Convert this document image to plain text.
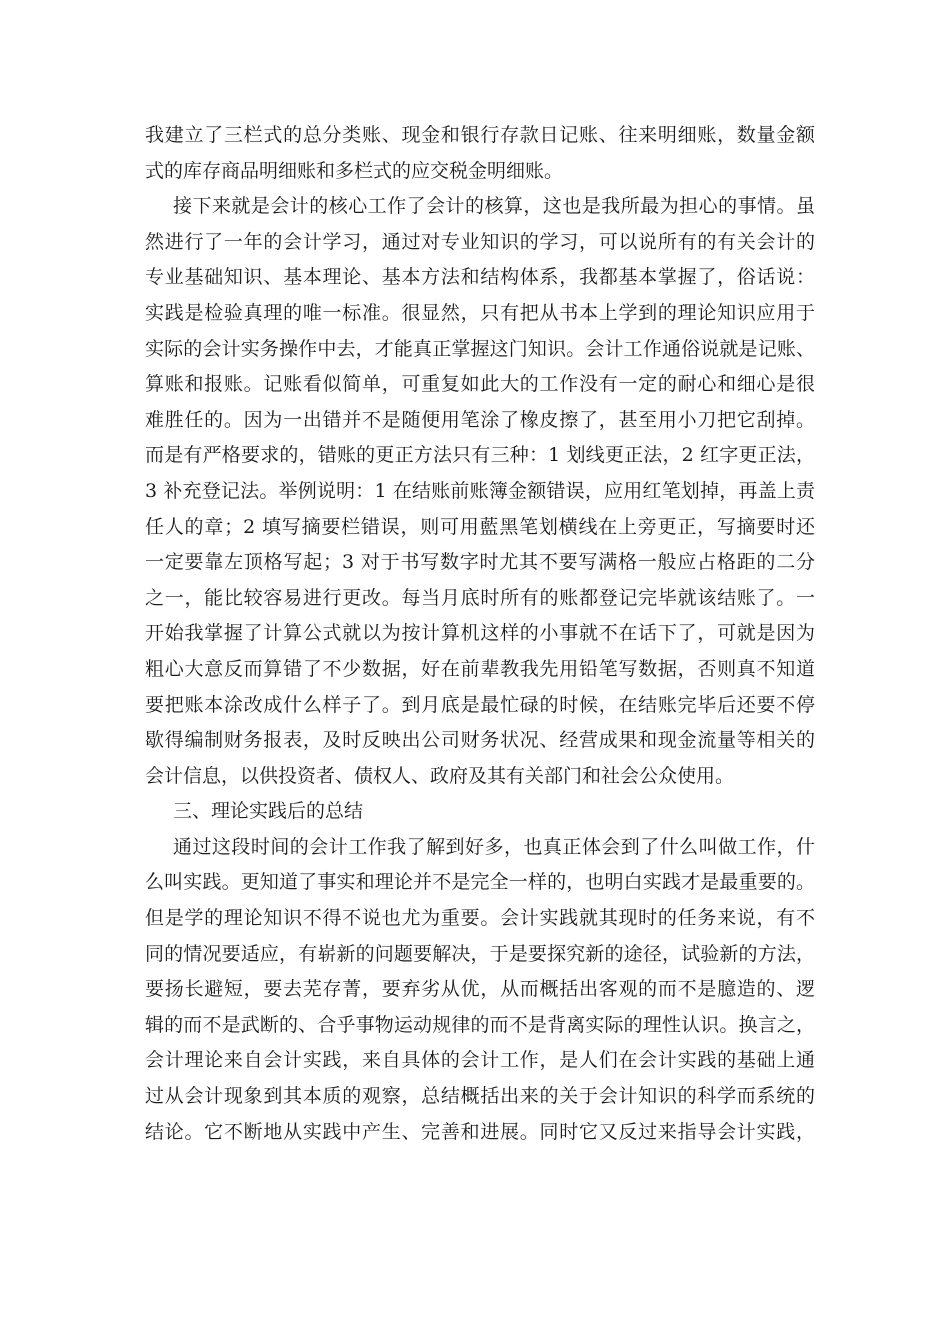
我建立了三栏式的总分类账、现金和银行存款日记账、往来明细账，数量金额
式的库存商品明细账和多栏式的应交税金明细账。
接下来就是会计的核心工作了会计的核算，这也是我所最为担心的事情。虽
然进行了一年的会计学习，通过对专业知识的学习，可以说所有的有关会计的
专业基础知识、基本理论、基本方法和结构体系，我都基本掌握了，俗话说：
实践是检验真理的唯一标准。很显然，只有把从书本上学到的理论知识应用于
实际的会计实务操作中去，才能真正掌握这门知识。会计工作通俗说就是记账、
算账和报账。记账看似简单，可重复如此大的工作没有一定的耐心和细心是很
难胜任的。因为一出错并不是随便用笔涂了橡皮擦了，甚至用小刀把它刮掉。
而是有严格要求的，错账的更正方法只有三种：1 划线更正法，2 红字更正法，
3 补充登记法。举例说明：1 在结账前账簿金额错误，应用红笔划掉，再盖上责
任人的章；2 填写摘要栏错误，则可用藍黑笔划横线在上旁更正，写摘要时还
一定要靠左顶格写起；3 对于书写数字时尤其不要写满格一般应占格距的二分
之一，能比较容易进行更改。每当月底时所有的账都登记完毕就该结账了。一
开始我掌握了计算公式就以为按计算机这样的小事就不在话下了，可就是因为
粗心大意反而算错了不少数据，好在前辈教我先用铅笔写数据，否则真不知道
要把账本涂改成什么样子了。到月底是最忙碌的时候，在结账完毕后还要不停
歇得编制财务报表，及时反映出公司财务状况、经营成果和现金流量等相关的
会计信息，以供投资者、债权人、政府及其有关部门和社会公众使用。
三、理论实践后的总结
通过这段时间的会计工作我了解到好多，也真正体会到了什么叫做工作，什
么叫实践。更知道了事实和理论并不是完全一样的，也明白实践才是最重要的。
但是学的理论知识不得不说也尤为重要。会计实践就其现时的任务来说，有不
同的情况要适应，有崭新的问题要解决，于是要探究新的途径，试验新的方法，
要扬长避短，要去芜存菁，要弃劣从优，从而概括出客观的而不是臆造的、逻
辑的而不是武断的、合乎事物运动规律的而不是背离实际的理性认识。换言之，
会计理论来自会计实践，来自具体的会计工作，是人们在会计实践的基础上通
过从会计现象到其本质的观察，总结概括出来的关于会计知识的科学而系统的
结论。它不断地从实践中产生、完善和进展。同时它又反过来指导会计实践，
